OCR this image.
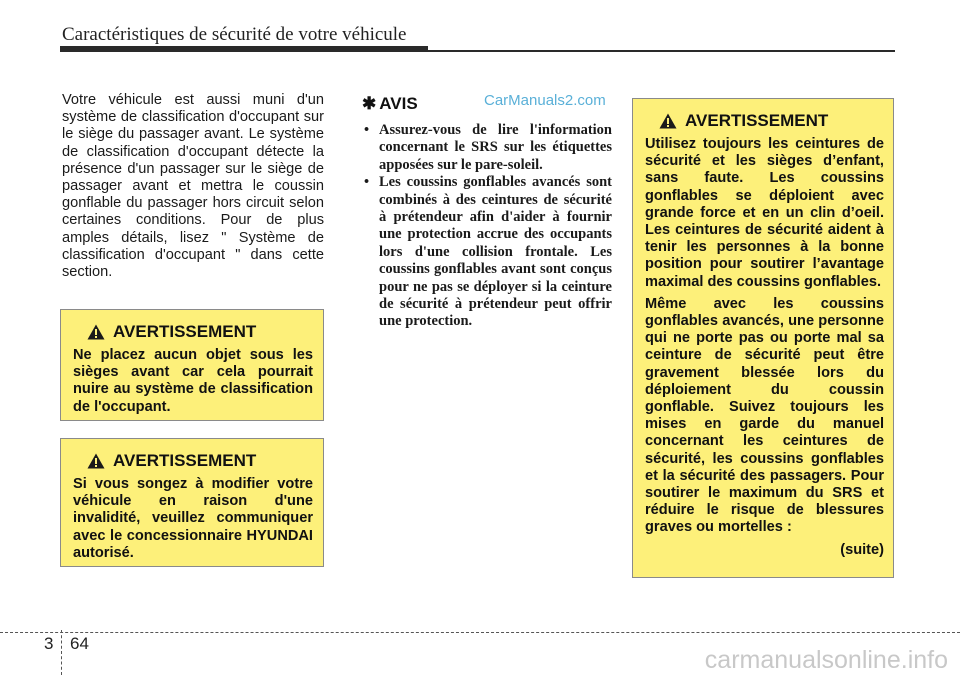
Caractéristiques de sécurité de votre véhicule
Votre véhicule est aussi muni d'un système de classification d'occupant sur le siège du passager avant. Le système de classification d'occupant détecte la présence d'un passager sur le siège de passager avant et mettra le coussin gonflable du passager hors circuit selon certaines conditions. Pour de plus amples détails, lisez " Système de classification d'occupant " dans cette section.
AVERTISSEMENT
Ne placez aucun objet sous les sièges avant car cela pourrait nuire au système de classification de l'occupant.
AVERTISSEMENT
Si vous songez à modifier votre véhicule en raison d'une invalidité, veuillez communiquer avec le concessionnaire HYUNDAI autorisé.
✱ AVIS
• Assurez-vous de lire l'information concernant le SRS sur les étiquettes apposées sur le pare-soleil.
• Les coussins gonflables avancés sont combinés à des ceintures de sécurité à prétendeur afin d'aider à fournir une protection accrue des occupants lors d'une collision frontale. Les coussins gonflables avant sont conçus pour ne pas se déployer si la ceinture de sécurité à prétendeur peut offrir une protection.
CarManuals2.com
AVERTISSEMENT

Utilisez toujours les ceintures de sécurité et les sièges d’enfant, sans faute. Les coussins gonflables se déploient avec grande force et en un clin d’oeil. Les ceintures de sécurité aident à tenir les personnes à la bonne position pour soutirer l’avantage maximal des coussins gonflables.

Même avec les coussins gonflables avancés, une personne qui ne porte pas ou porte mal sa ceinture de sécurité peut être gravement blessée lors du déploiement du coussin gonflable. Suivez toujours les mises en garde du manuel concernant les ceintures de sécurité, les coussins gonflables et la sécurité des passagers. Pour soutirer le maximum du SRS et réduire le risque de blessures graves ou mortelles :

(suite)

3 64
carmanualsonline.info
